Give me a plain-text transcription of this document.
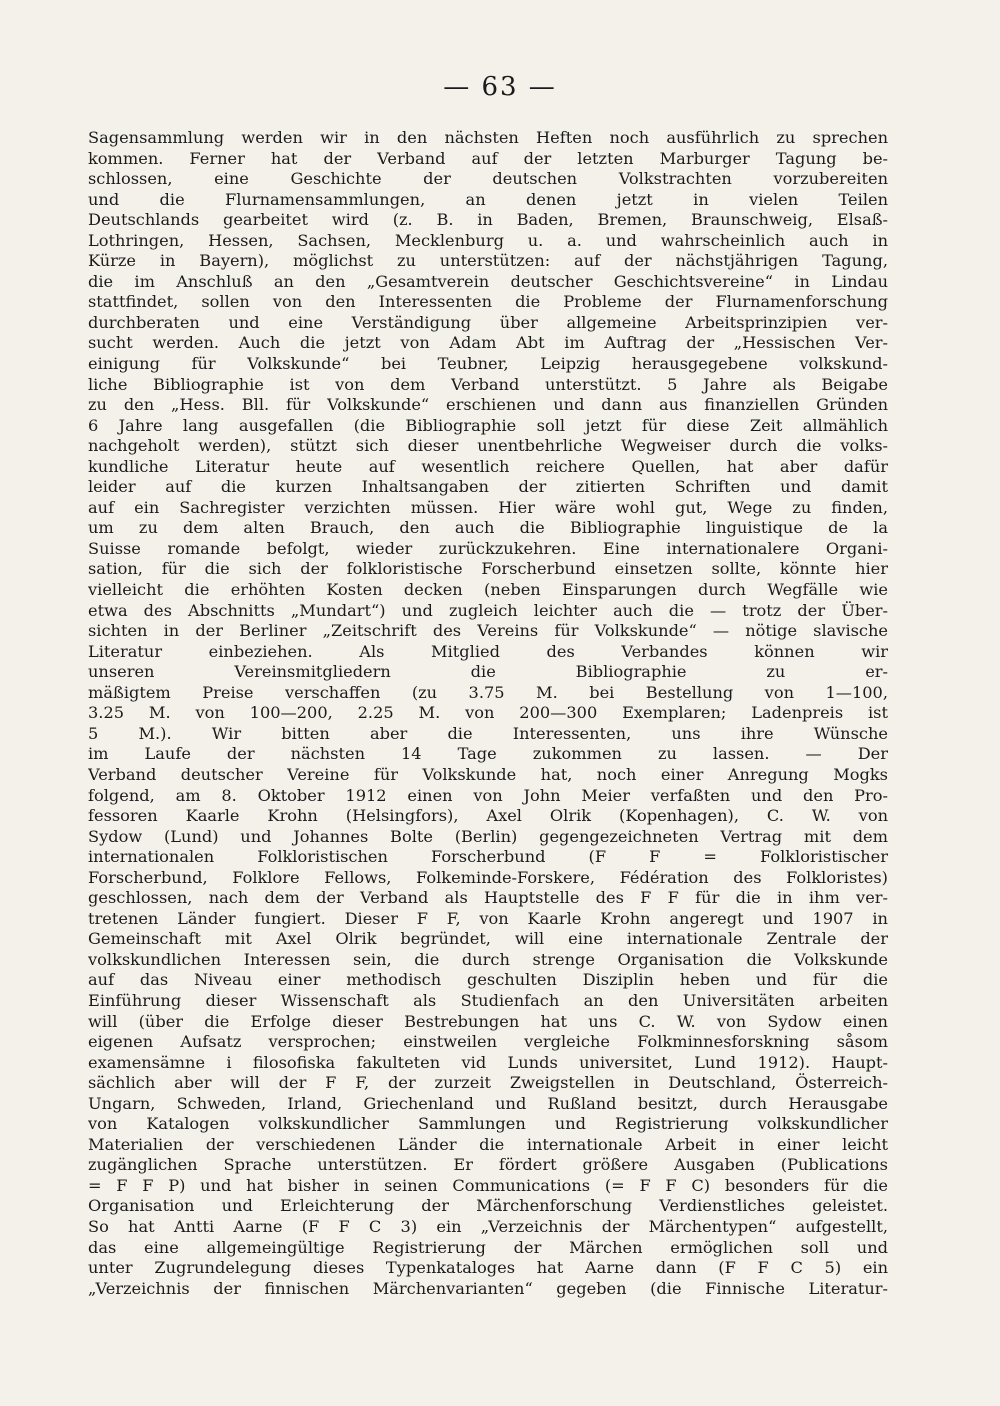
— 63 —
Sagensammlung werden wir in den nächsten Heften noch ausführlich zu sprechen
kommen. Ferner hat der Verband auf der letzten Marburger Tagung be-
schlossen, eine Geschichte der deutschen Volkstrachten vorzubereiten
und die Flurnamensammlungen, an denen jetzt in vielen Teilen
Deutschlands gearbeitet wird (z. B. in Baden, Bremen, Braunschweig, Elsaß-
Lothringen, Hessen, Sachsen, Mecklenburg u. a. und wahrscheinlich auch in
Kürze in Bayern), möglichst zu unterstützen: auf der nächstjährigen Tagung,
die im Anschluß an den „Gesamtverein deutscher Geschichtsvereine“ in Lindau
stattfindet, sollen von den Interessenten die Probleme der Flurnamenforschung
durchberaten und eine Verständigung über allgemeine Arbeitsprinzipien ver-
sucht werden. Auch die jetzt von Adam Abt im Auftrag der „Hessischen Ver-
einigung für Volkskunde“ bei Teubner, Leipzig herausgegebene volkskund-
liche Bibliographie ist von dem Verband unterstützt. 5 Jahre als Beigabe
zu den „Hess. Bll. für Volkskunde“ erschienen und dann aus finanziellen Gründen
6 Jahre lang ausgefallen (die Bibliographie soll jetzt für diese Zeit allmählich
nachgeholt werden), stützt sich dieser unentbehrliche Wegweiser durch die volks-
kundliche Literatur heute auf wesentlich reichere Quellen, hat aber dafür
leider auf die kurzen Inhaltsangaben der zitierten Schriften und damit
auf ein Sachregister verzichten müssen. Hier wäre wohl gut, Wege zu finden,
um zu dem alten Brauch, den auch die Bibliographie linguistique de la
Suisse romande befolgt, wieder zurückzukehren. Eine internationalere Organi-
sation, für die sich der folkloristische Forscherbund einsetzen sollte, könnte hier
vielleicht die erhöhten Kosten decken (neben Einsparungen durch Wegfälle wie
etwa des Abschnitts „Mundart“) und zugleich leichter auch die — trotz der Über-
sichten in der Berliner „Zeitschrift des Vereins für Volkskunde“ — nötige slavische
Literatur einbeziehen. Als Mitglied des Verbandes können wir
unseren Vereinsmitgliedern die Bibliographie zu er-
mäßigtem Preise verschaffen (zu 3.75 M. bei Bestellung von 1—100,
3.25 M. von 100—200, 2.25 M. von 200—300 Exemplaren; Ladenpreis ist
5 M.). Wir bitten aber die Interessenten, uns ihre Wünsche
im Laufe der nächsten 14 Tage zukommen zu lassen. — Der
Verband deutscher Vereine für Volkskunde hat, noch einer Anregung Mogks
folgend, am 8. Oktober 1912 einen von John Meier verfaßten und den Pro-
fessoren Kaarle Krohn (Helsingfors), Axel Olrik (Kopenhagen), C. W. von
Sydow (Lund) und Johannes Bolte (Berlin) gegengezeichneten Vertrag mit dem
internationalen Folkloristischen Forscherbund (F F = Folkloristischer
Forscherbund, Folklore Fellows, Folkeminde-Forskere, Fédération des Folkloristes)
geschlossen, nach dem der Verband als Hauptstelle des F F für die in ihm ver-
tretenen Länder fungiert. Dieser F F, von Kaarle Krohn angeregt und 1907 in
Gemeinschaft mit Axel Olrik begründet, will eine internationale Zentrale der
volkskundlichen Interessen sein, die durch strenge Organisation die Volkskunde
auf das Niveau einer methodisch geschulten Disziplin heben und für die
Einführung dieser Wissenschaft als Studienfach an den Universitäten arbeiten
will (über die Erfolge dieser Bestrebungen hat uns C. W. von Sydow einen
eigenen Aufsatz versprochen; einstweilen vergleiche Folkminnesforskning såsom
examensämne i filosofiska fakulteten vid Lunds universitet, Lund 1912). Haupt-
sächlich aber will der F F, der zurzeit Zweigstellen in Deutschland, Österreich-
Ungarn, Schweden, Irland, Griechenland und Rußland besitzt, durch Herausgabe
von Katalogen volkskundlicher Sammlungen und Registrierung volkskundlicher
Materialien der verschiedenen Länder die internationale Arbeit in einer leicht
zugänglichen Sprache unterstützen. Er fördert größere Ausgaben (Publications
= F F P) und hat bisher in seinen Communications (= F F C) besonders für die
Organisation und Erleichterung der Märchenforschung Verdienstliches geleistet.
So hat Antti Aarne (F F C 3) ein „Verzeichnis der Märchentypen“ aufgestellt,
das eine allgemeingültige Registrierung der Märchen ermöglichen soll und
unter Zugrundelegung dieses Typenkataloges hat Aarne dann (F F C 5) ein
„Verzeichnis der finnischen Märchenvarianten“ gegeben (die Finnische Literatur-
